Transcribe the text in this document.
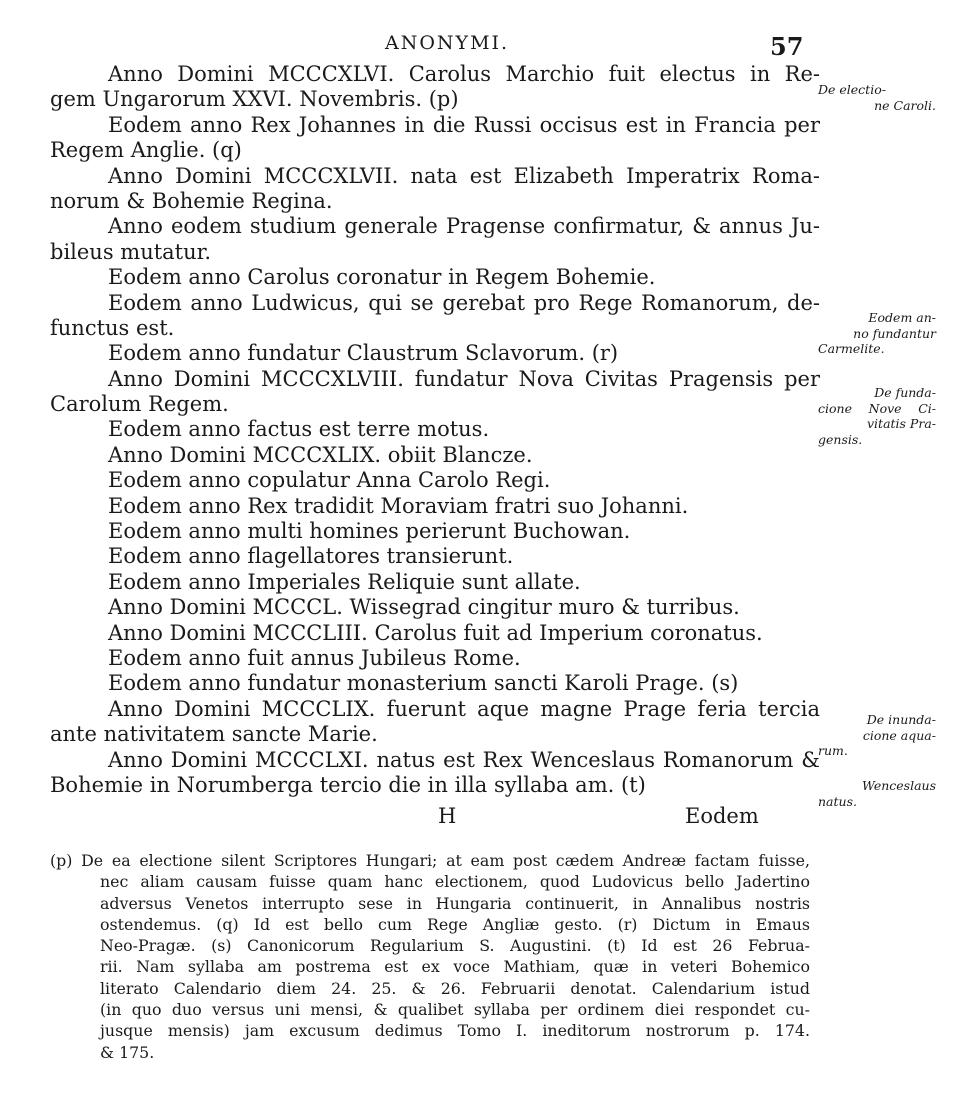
ANONYMI.	57
Anno Domini MCCCXLVI. Carolus Marchio fuit electus in Re-
gem Ungarorum XXVI. Novembris. (p)
Eodem anno Rex Johannes in die Russi occisus est in Francia per
Regem Anglie. (q)
Anno Domini MCCCXLVII. nata est Elizabeth Imperatrix Roma-
norum & Bohemie Regina.
Anno eodem studium generale Pragense confirmatur, & annus Ju-
bileus mutatur.
Eodem anno Carolus coronatur in Regem Bohemie.
Eodem anno Ludwicus, qui se gerebat pro Rege Romanorum, de-
functus est.
Eodem anno fundatur Claustrum Sclavorum. (r)
Anno Domini MCCCXLVIII. fundatur Nova Civitas Pragensis per
Carolum Regem.
Eodem anno factus est terre motus.
Anno Domini MCCCXLIX. obiit Blancze.
Eodem anno copulatur Anna Carolo Regi.
Eodem anno Rex tradidit Moraviam fratri suo Johanni.
Eodem anno multi homines perierunt Buchowan.
Eodem anno flagellatores transierunt.
Eodem anno Imperiales Reliquie sunt allate.
Anno Domini MCCCL. Wissegrad cingitur muro & turribus.
Anno Domini MCCCLIII. Carolus fuit ad Imperium coronatus.
Eodem anno fuit annus Jubileus Rome.
Eodem anno fundatur monasterium sancti Karoli Prage. (s)
Anno Domini MCCCLIX. fuerunt aque magne Prage feria tercia
ante nativitatem sancte Marie.
Anno Domini MCCCLXI. natus est Rex Wenceslaus Romanorum &
Bohemie in Norumberga tercio die in illa syllaba am. (t)
H	Eodem
De electio-
ne Caroli.
Eodem an-
no fundantur
Carmelite.
De funda-
cione Nove Ci-
vitatis Pra-
gensis.
De inunda-
cione aqua-
rum.
Wenceslaus
natus.
(p) De ea electione silent Scriptores Hungari; at eam post cædem Andreæ factam fuisse,
nec aliam causam fuisse quam hanc electionem, quod Ludovicus bello Jadertino
adversus Venetos interrupto sese in Hungaria continuerit, in Annalibus nostris
ostendemus. (q) Id est bello cum Rege Angliæ gesto. (r) Dictum in Emaus
Neo-Pragæ. (s) Canonicorum Regularium S. Augustini. (t) Id est 26 Februa-
rii. Nam syllaba am postrema est ex voce Mathiam, quæ in veteri Bohemico
literato Calendario diem 24. 25. & 26. Februarii denotat. Calendarium istud
(in quo duo versus uni mensi, & qualibet syllaba per ordinem diei respondet cu-
jusque mensis) jam excusum dedimus Tomo I. ineditorum nostrorum p. 174.
& 175.
